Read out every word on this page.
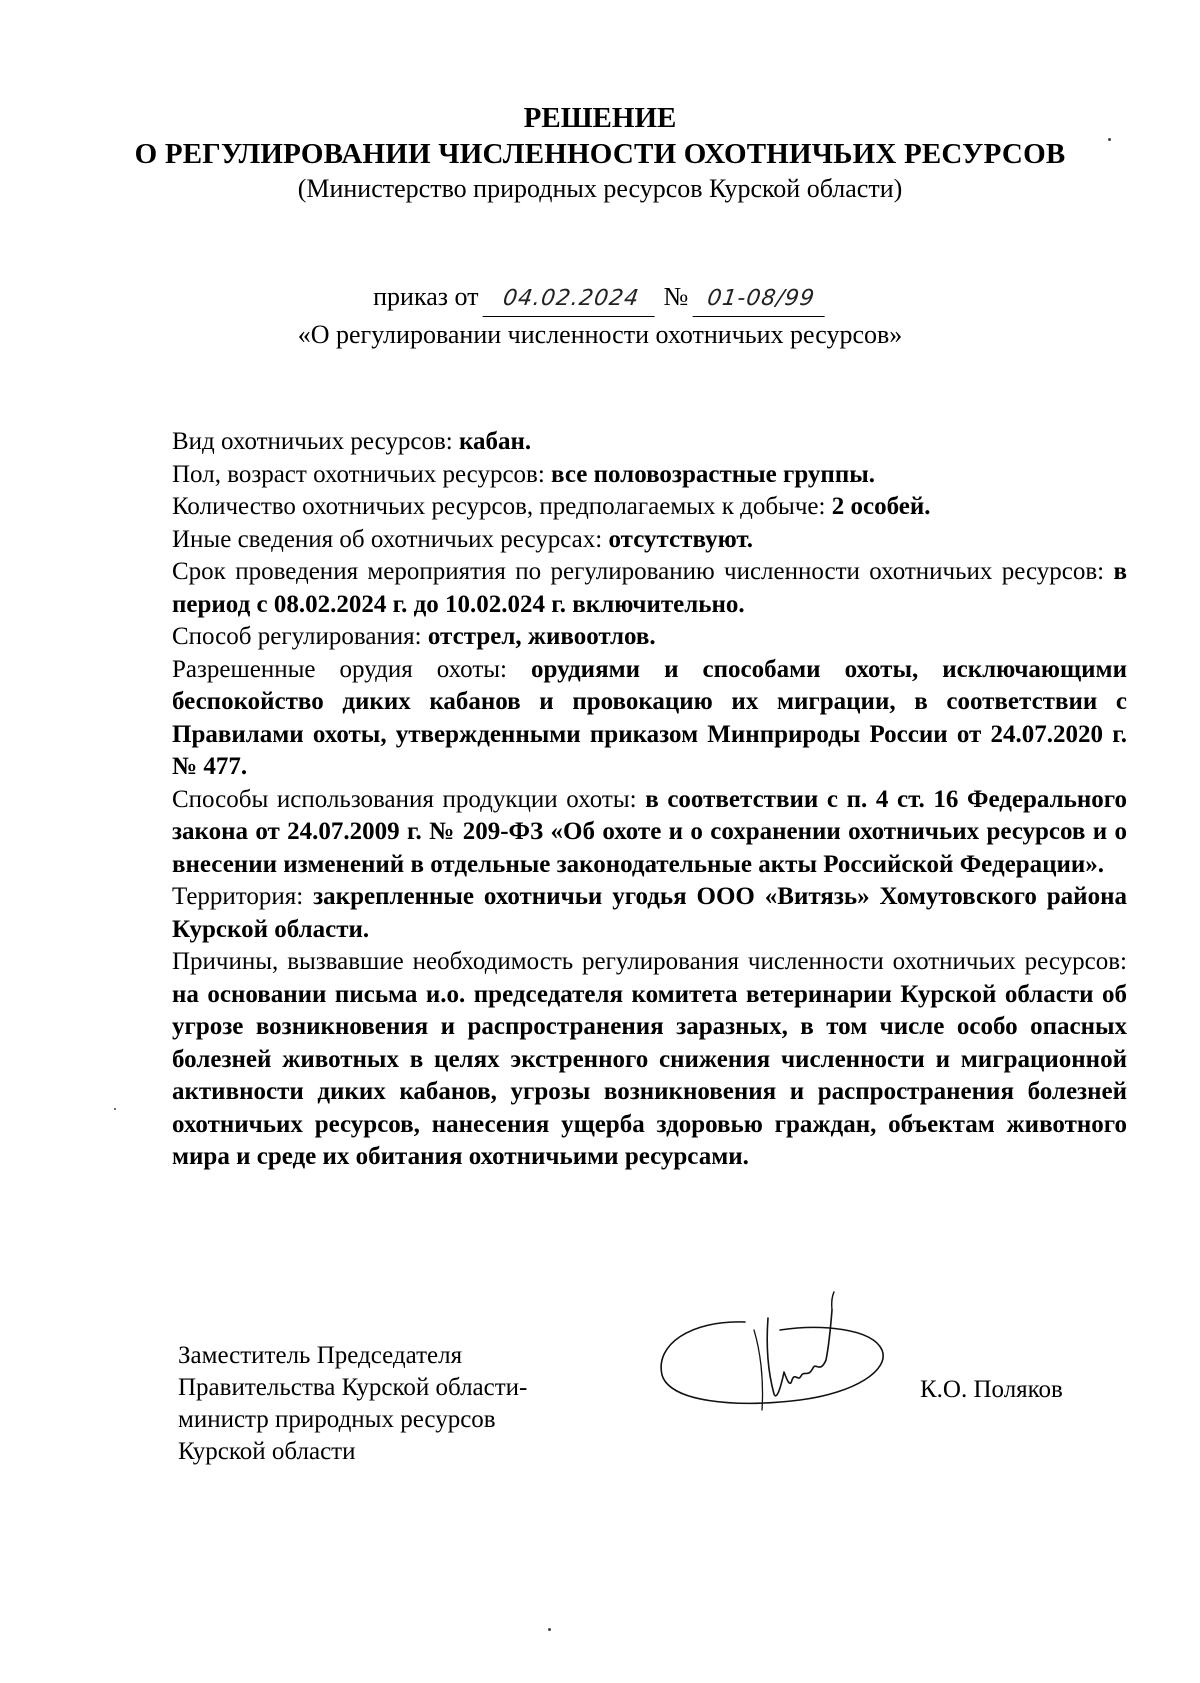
РЕШЕНИЕ

О РЕГУЛИРОВАНИИ ЧИСЛЕННОСТИ ОХОТНИЧЬИХ РЕСУРСОВ

(Министерство природных ресурсов Курской области)

приказ от 04.02.2024 № 01-08/99
«О регулировании численности охотничьих ресурсов»

Вид охотничьих ресурсов: кабан.

Пол, возраст охотничьих ресурсов: все половозрастные группы.

Количество охотничьих ресурсов, предполагаемых к добыче: 2 особей.

Иные сведения об охотничьих ресурсах: отсутствуют.

Срок проведения мероприятия по регулированию численности охотничьих ресурсов: в период с 08.02.2024 г. до 10.02.024 г. включительно.

Способ регулирования: отстрел, живоотлов.

Разрешенные орудия охоты: орудиями и способами охоты, исключающими беспокойство диких кабанов и провокацию их миграции, в соответствии с Правилами охоты, утвержденными приказом Минприроды России от 24.07.2020 г. № 477.

Способы использования продукции охоты: в соответствии с п. 4 ст. 16 Федерального закона от 24.07.2009 г. № 209-ФЗ «Об охоте и о сохранении охотничьих ресурсов и о внесении изменений в отдельные законодательные акты Российской Федерации».

Территория: закрепленные охотничьи угодья ООО «Витязь» Хомутовского района Курской области.

Причины, вызвавшие необходимость регулирования численности охотничьих ресурсов: на основании письма и.о. председателя комитета ветеринарии Курской области об угрозе возникновения и распространения заразных, в том числе особо опасных болезней животных в целях экстренного снижения численности и миграционной активности диких кабанов, угрозы возникновения и распространения болезней охотничьих ресурсов, нанесения ущерба здоровью граждан, объектам животного мира и среде их обитания охотничьими ресурсами.

Заместитель Председателя
Правительства Курской области-
министр природных ресурсов
Курской области
К.О. Поляков
